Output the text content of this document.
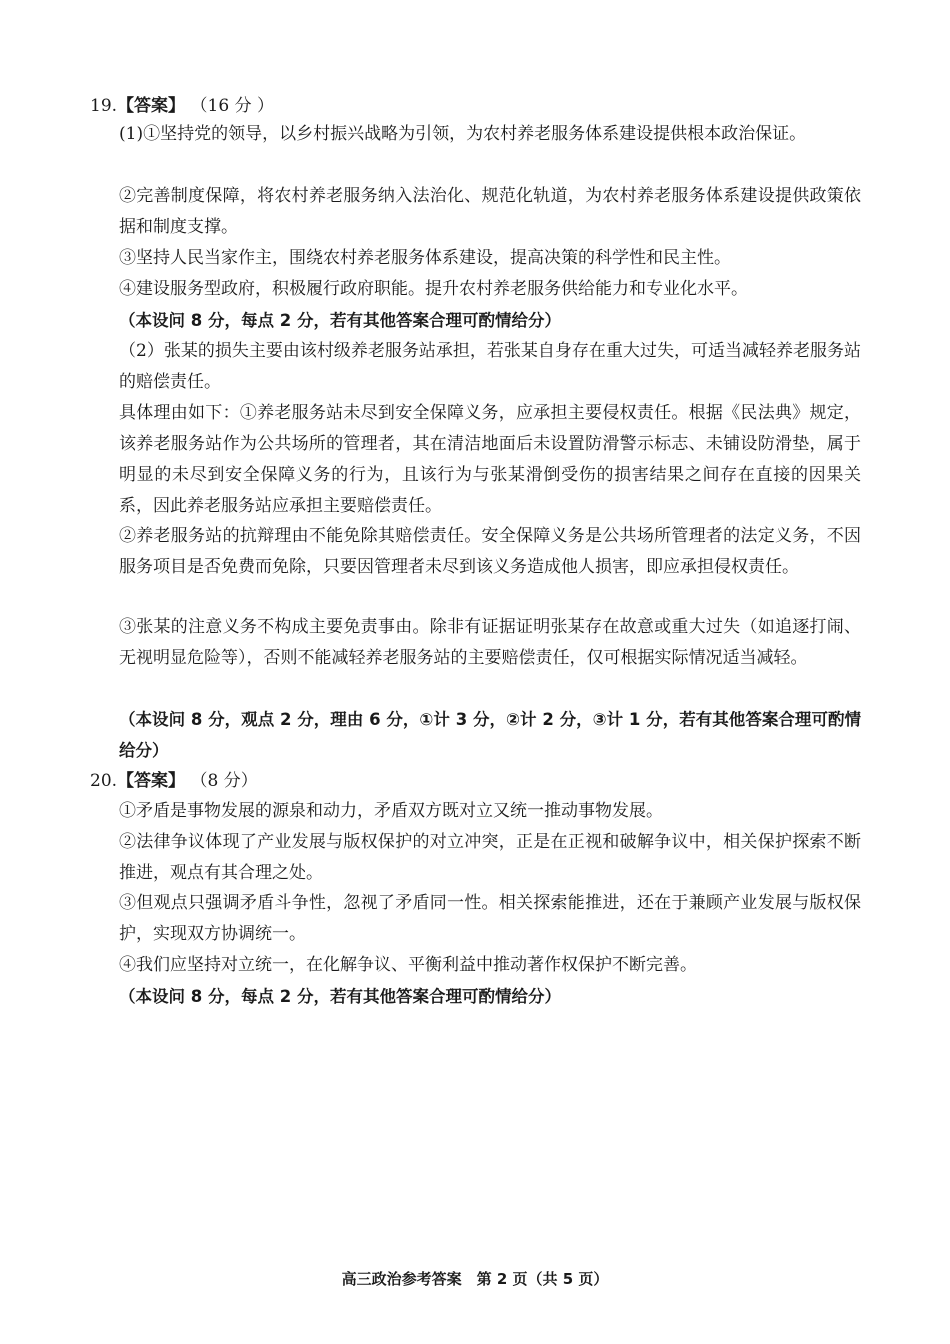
19.【答案】 （16 分 ）
(1)①坚持党的领导，以乡村振兴战略为引领，为农村养老服务体系建设提供根本政治保证。
②完善制度保障，将农村养老服务纳入法治化、规范化轨道，为农村养老服务体系建设提供政策依据和制度支撑。
③坚持人民当家作主，围绕农村养老服务体系建设，提高决策的科学性和民主性。
④建设服务型政府，积极履行政府职能。提升农村养老服务供给能力和专业化水平。
（本设问 8 分，每点 2 分，若有其他答案合理可酌情给分）
（2）张某的损失主要由该村级养老服务站承担，若张某自身存在重大过失，可适当减轻养老服务站的赔偿责任。
具体理由如下：①养老服务站未尽到安全保障义务，应承担主要侵权责任。根据《民法典》规定，该养老服务站作为公共场所的管理者，其在清洁地面后未设置防滑警示标志、未铺设防滑垫，属于明显的未尽到安全保障义务的行为，且该行为与张某滑倒受伤的损害结果之间存在直接的因果关系，因此养老服务站应承担主要赔偿责任。
②养老服务站的抗辩理由不能免除其赔偿责任。安全保障义务是公共场所管理者的法定义务，不因服务项目是否免费而免除，只要因管理者未尽到该义务造成他人损害，即应承担侵权责任。
③张某的注意义务不构成主要免责事由。除非有证据证明张某存在故意或重大过失（如追逐打闹、无视明显危险等），否则不能减轻养老服务站的主要赔偿责任，仅可根据实际情况适当减轻。
（本设问 8 分，观点 2 分，理由 6 分，①计 3 分，②计 2 分，③计 1 分，若有其他答案合理可酌情给分）
20.【答案】 （8 分）
①矛盾是事物发展的源泉和动力，矛盾双方既对立又统一推动事物发展。
②法律争议体现了产业发展与版权保护的对立冲突，正是在正视和破解争议中，相关保护探索不断推进，观点有其合理之处。
③但观点只强调矛盾斗争性，忽视了矛盾同一性。相关探索能推进，还在于兼顾产业发展与版权保护，实现双方协调统一。
④我们应坚持对立统一，在化解争议、平衡利益中推动著作权保护不断完善。
（本设问 8 分，每点 2 分，若有其他答案合理可酌情给分）
高三政治参考答案　第 2 页（共 5 页）
